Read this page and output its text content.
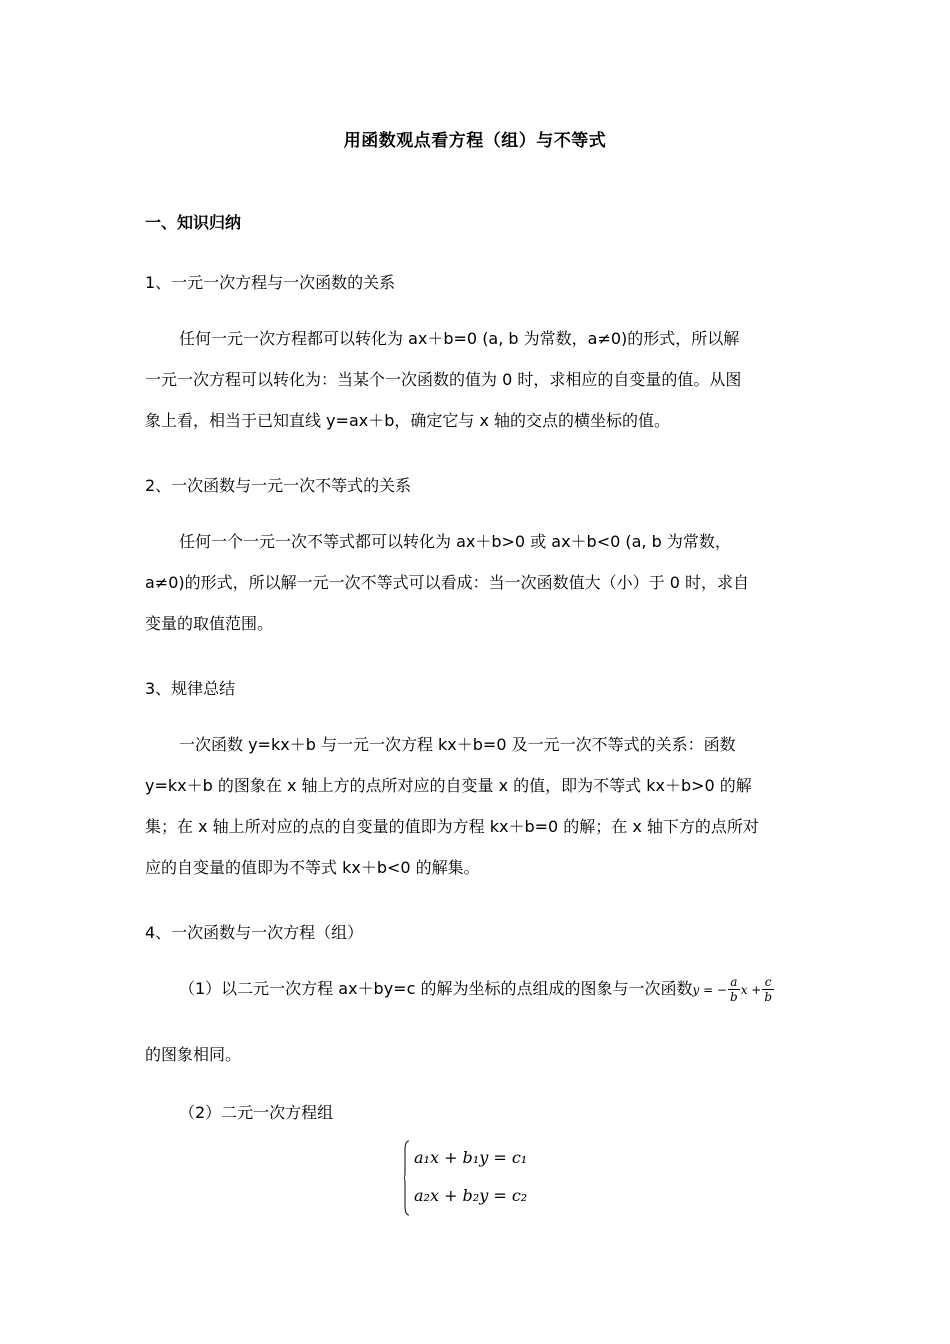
用函数观点看方程（组）与不等式
一、知识归纳
1、一元一次方程与一次函数的关系
任何一元一次方程都可以转化为 ax＋b=0 (a, b 为常数，a≠0)的形式，所以解
一元一次方程可以转化为：当某个一次函数的值为 0 时，求相应的自变量的值。从图
象上看，相当于已知直线 y=ax＋b，确定它与 x 轴的交点的横坐标的值。
2、一次函数与一元一次不等式的关系
任何一个一元一次不等式都可以转化为 ax＋b>0 或 ax＋b<0 (a, b 为常数，
a≠0)的形式，所以解一元一次不等式可以看成：当一次函数值大（小）于 0 时，求自
变量的取值范围。
3、规律总结
一次函数 y=kx＋b 与一元一次方程 kx＋b=0 及一元一次不等式的关系：函数
y=kx＋b 的图象在 x 轴上方的点所对应的自变量 x 的值，即为不等式 kx＋b>0 的解
集；在 x 轴上所对应的点的自变量的值即为方程 kx＋b=0 的解；在 x 轴下方的点所对
应的自变量的值即为不等式 kx＋b<0 的解集。
4、一次函数与一次方程（组）
（1）以二元一次方程 ax＋by=c 的解为坐标的点组成的图象与一次函数y = − $\frac{a}{b}$ $x + \frac{c}{b}$
的图象相同。
（2）二元一次方程组
a₁x + b₁y = c₁
a₂x + b₂y = c₂
